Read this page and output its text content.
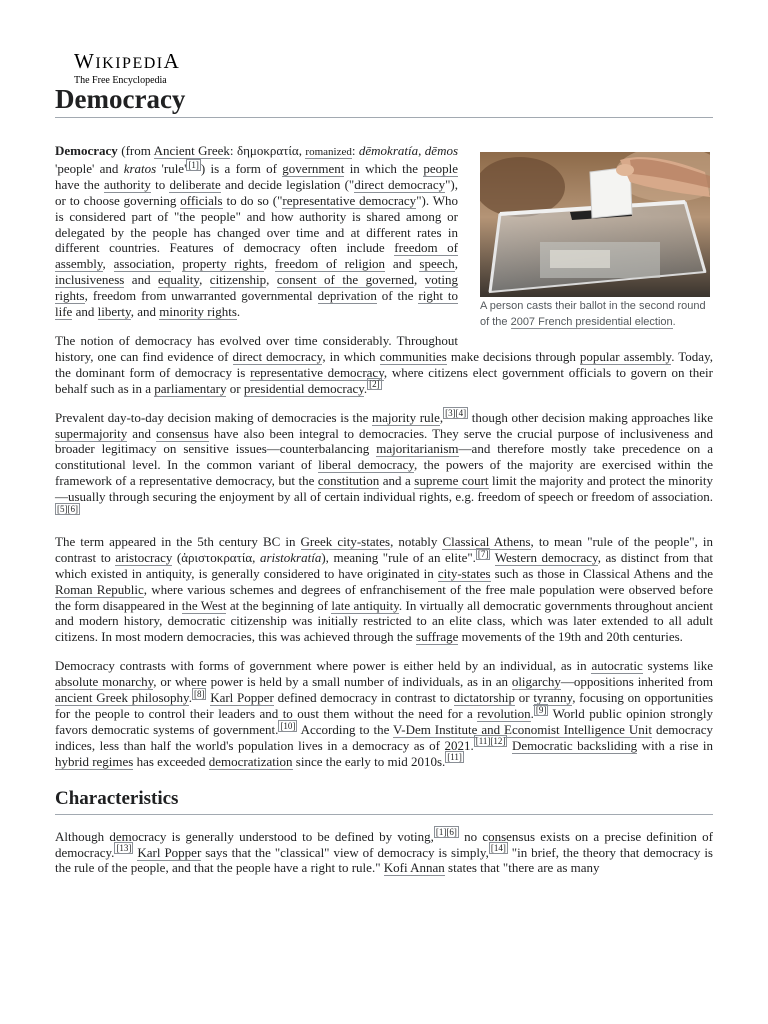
WIKIPEDIA
The Free Encyclopedia
Democracy
A person casts their ballot in the second round of the 2007 French presidential election.

Democracy (from Ancient Greek: δημοκρατία, romanized: dēmokratía, dēmos 'people' and kratos 'rule' [1] ) is a form of government in which the people have the authority to deliberate and decide legislation ("direct democracy"), or to choose governing officials to do so ("representative democracy"). Who is considered part of "the people" and how authority is shared among or delegated by the people has changed over time and at different rates in different countries. Features of democracy often include freedom of assembly, association, property rights, freedom of religion and speech, inclusiveness and equality, citizenship, consent of the governed, voting rights, freedom from unwarranted governmental deprivation of the right to life and liberty, and minority rights.

The notion of democracy has evolved over time considerably. Throughout history, one can find evidence of direct democracy, in which communities make decisions through popular assembly. Today, the dominant form of democracy is representative democracy, where citizens elect government officials to govern on their behalf such as in a parliamentary or presidential democracy. [2]

Prevalent day-to-day decision making of democracies is the majority rule, [3][4] though other decision making approaches like supermajority and consensus have also been integral to democracies. They serve the crucial purpose of inclusiveness and broader legitimacy on sensitive issues—counterbalancing majoritarianism—and therefore mostly take precedence on a constitutional level. In the common variant of liberal democracy, the powers of the majority are exercised within the framework of a representative democracy, but the constitution and a supreme court limit the majority and protect the minority—usually through securing the enjoyment by all of certain individual rights, e.g. freedom of speech or freedom of association.[5][6]

The term appeared in the 5th century BC in Greek city-states, notably Classical Athens, to mean "rule of the people", in contrast to aristocracy (ἀριστοκρατία, aristokratía), meaning "rule of an elite". [7] Western democracy, as distinct from that which existed in antiquity, is generally considered to have originated in city-states such as those in Classical Athens and the Roman Republic, where various schemes and degrees of enfranchisement of the free male population were observed before the form disappeared in the West at the beginning of late antiquity. In virtually all democratic governments throughout ancient and modern history, democratic citizenship was initially restricted to an elite class, which was later extended to all adult citizens. In most modern democracies, this was achieved through the suffrage movements of the 19th and 20th centuries.

Democracy contrasts with forms of government where power is either held by an individual, as in autocratic systems like absolute monarchy, or where power is held by a small number of individuals, as in an oligarchy—oppositions inherited from ancient Greek philosophy. [8] Karl Popper defined democracy in contrast to dictatorship or tyranny, focusing on opportunities for the people to control their leaders and to oust them without the need for a revolution. [9] World public opinion strongly favors democratic systems of government. [10] According to the V-Dem Institute and Economist Intelligence Unit democracy indices, less than half the world's population lives in a democracy as of 2021. [11][12] Democratic backsliding with a rise in hybrid regimes has exceeded democratization since the early to mid 2010s. [11]

Characteristics

Although democracy is generally understood to be defined by voting, [1][6] no consensus exists on a precise definition of democracy. [13] Karl Popper says that the "classical" view of democracy is simply, [14] "in brief, the theory that democracy is the rule of the people, and that the people have a right to rule." Kofi Annan states that "there are as many
